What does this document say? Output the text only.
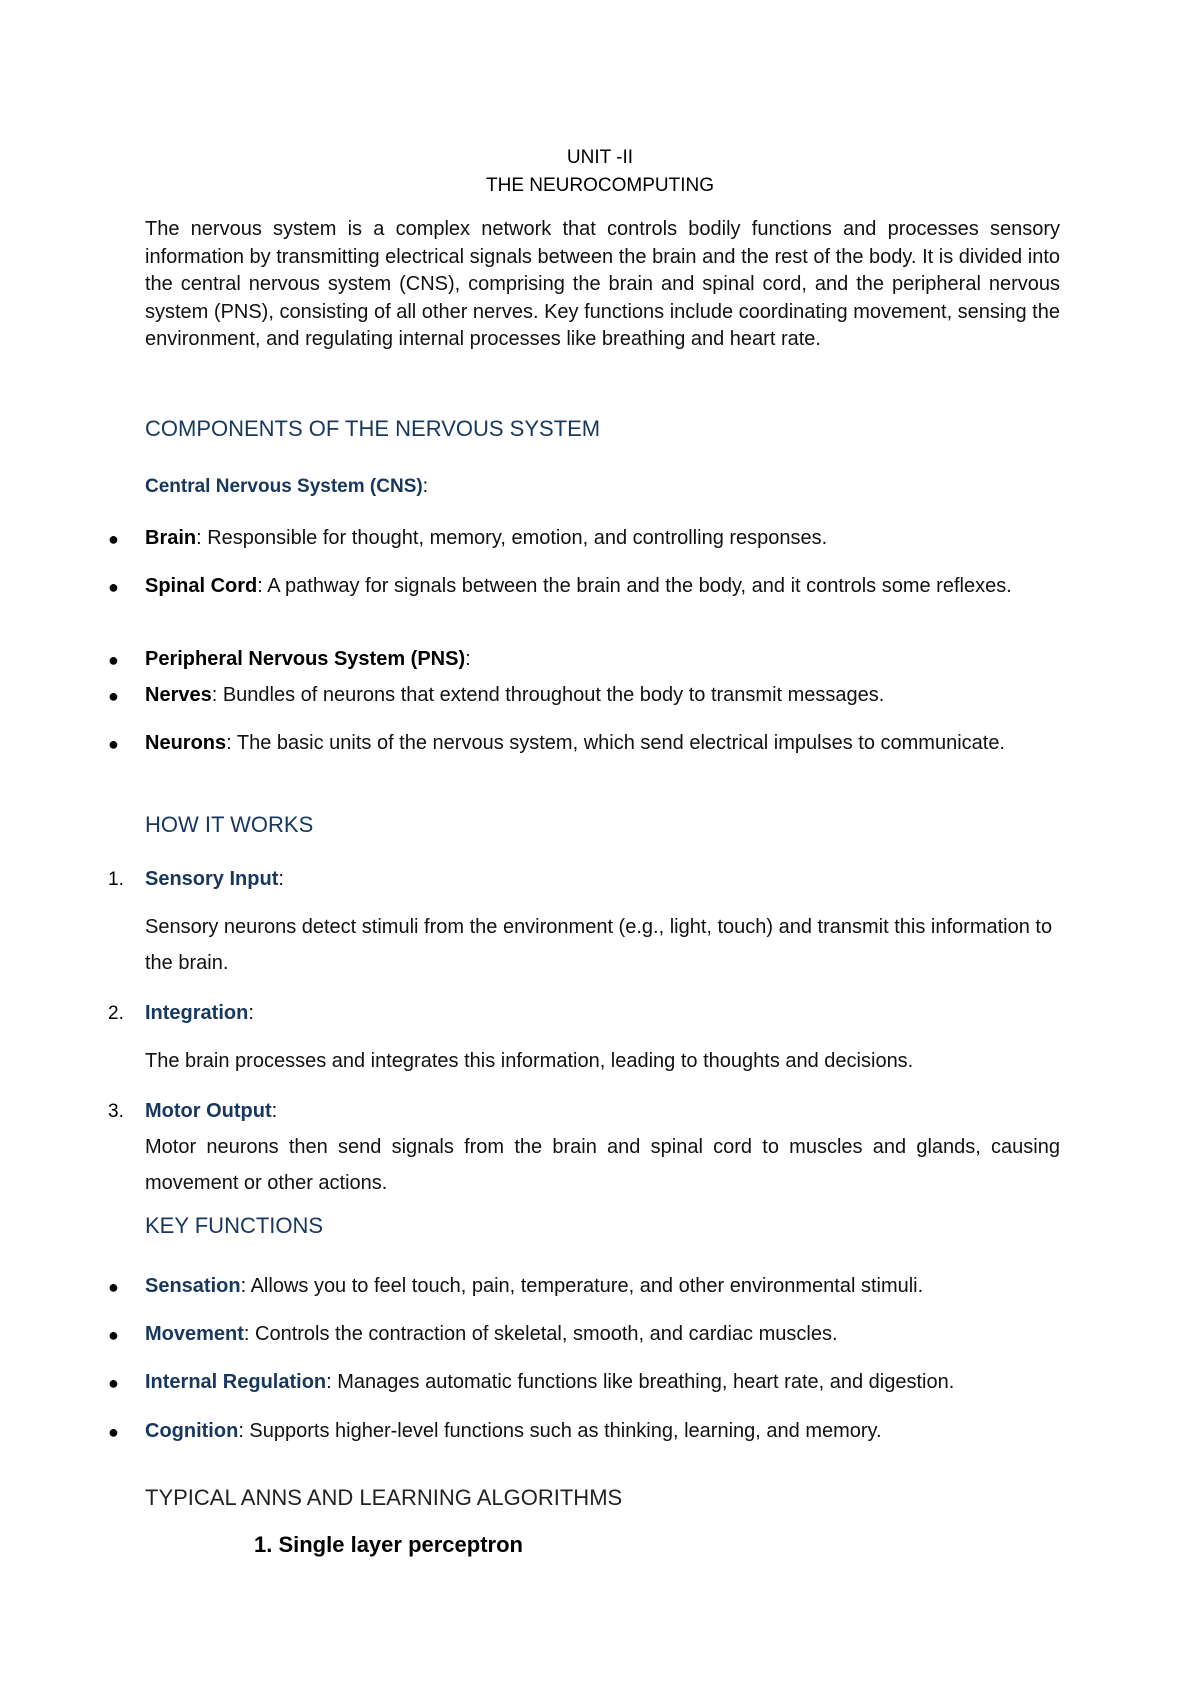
UNIT -II
THE NEUROCOMPUTING
The nervous system is a complex network that controls bodily functions and processes sensory information by transmitting electrical signals between the brain and the rest of the body. It is divided into the central nervous system (CNS), comprising the brain and spinal cord, and the peripheral nervous system (PNS), consisting of all other nerves. Key functions include coordinating movement, sensing the environment, and regulating internal processes like breathing and heart rate.
COMPONENTS OF THE NERVOUS SYSTEM
Central Nervous System (CNS):
● Brain: Responsible for thought, memory, emotion, and controlling responses.
● Spinal Cord: A pathway for signals between the brain and the body, and it controls some reflexes.
● Peripheral Nervous System (PNS):
● Nerves: Bundles of neurons that extend throughout the body to transmit messages.
● Neurons: The basic units of the nervous system, which send electrical impulses to communicate.
HOW IT WORKS
1. Sensory Input:
Sensory neurons detect stimuli from the environment (e.g., light, touch) and transmit this information to the brain.
2. Integration:
The brain processes and integrates this information, leading to thoughts and decisions.
3. Motor Output:
Motor neurons then send signals from the brain and spinal cord to muscles and glands, causing movement or other actions.
KEY FUNCTIONS
● Sensation: Allows you to feel touch, pain, temperature, and other environmental stimuli.
● Movement: Controls the contraction of skeletal, smooth, and cardiac muscles.
● Internal Regulation: Manages automatic functions like breathing, heart rate, and digestion.
● Cognition: Supports higher-level functions such as thinking, learning, and memory.
TYPICAL ANNS AND LEARNING ALGORITHMS
1. Single layer perceptron
